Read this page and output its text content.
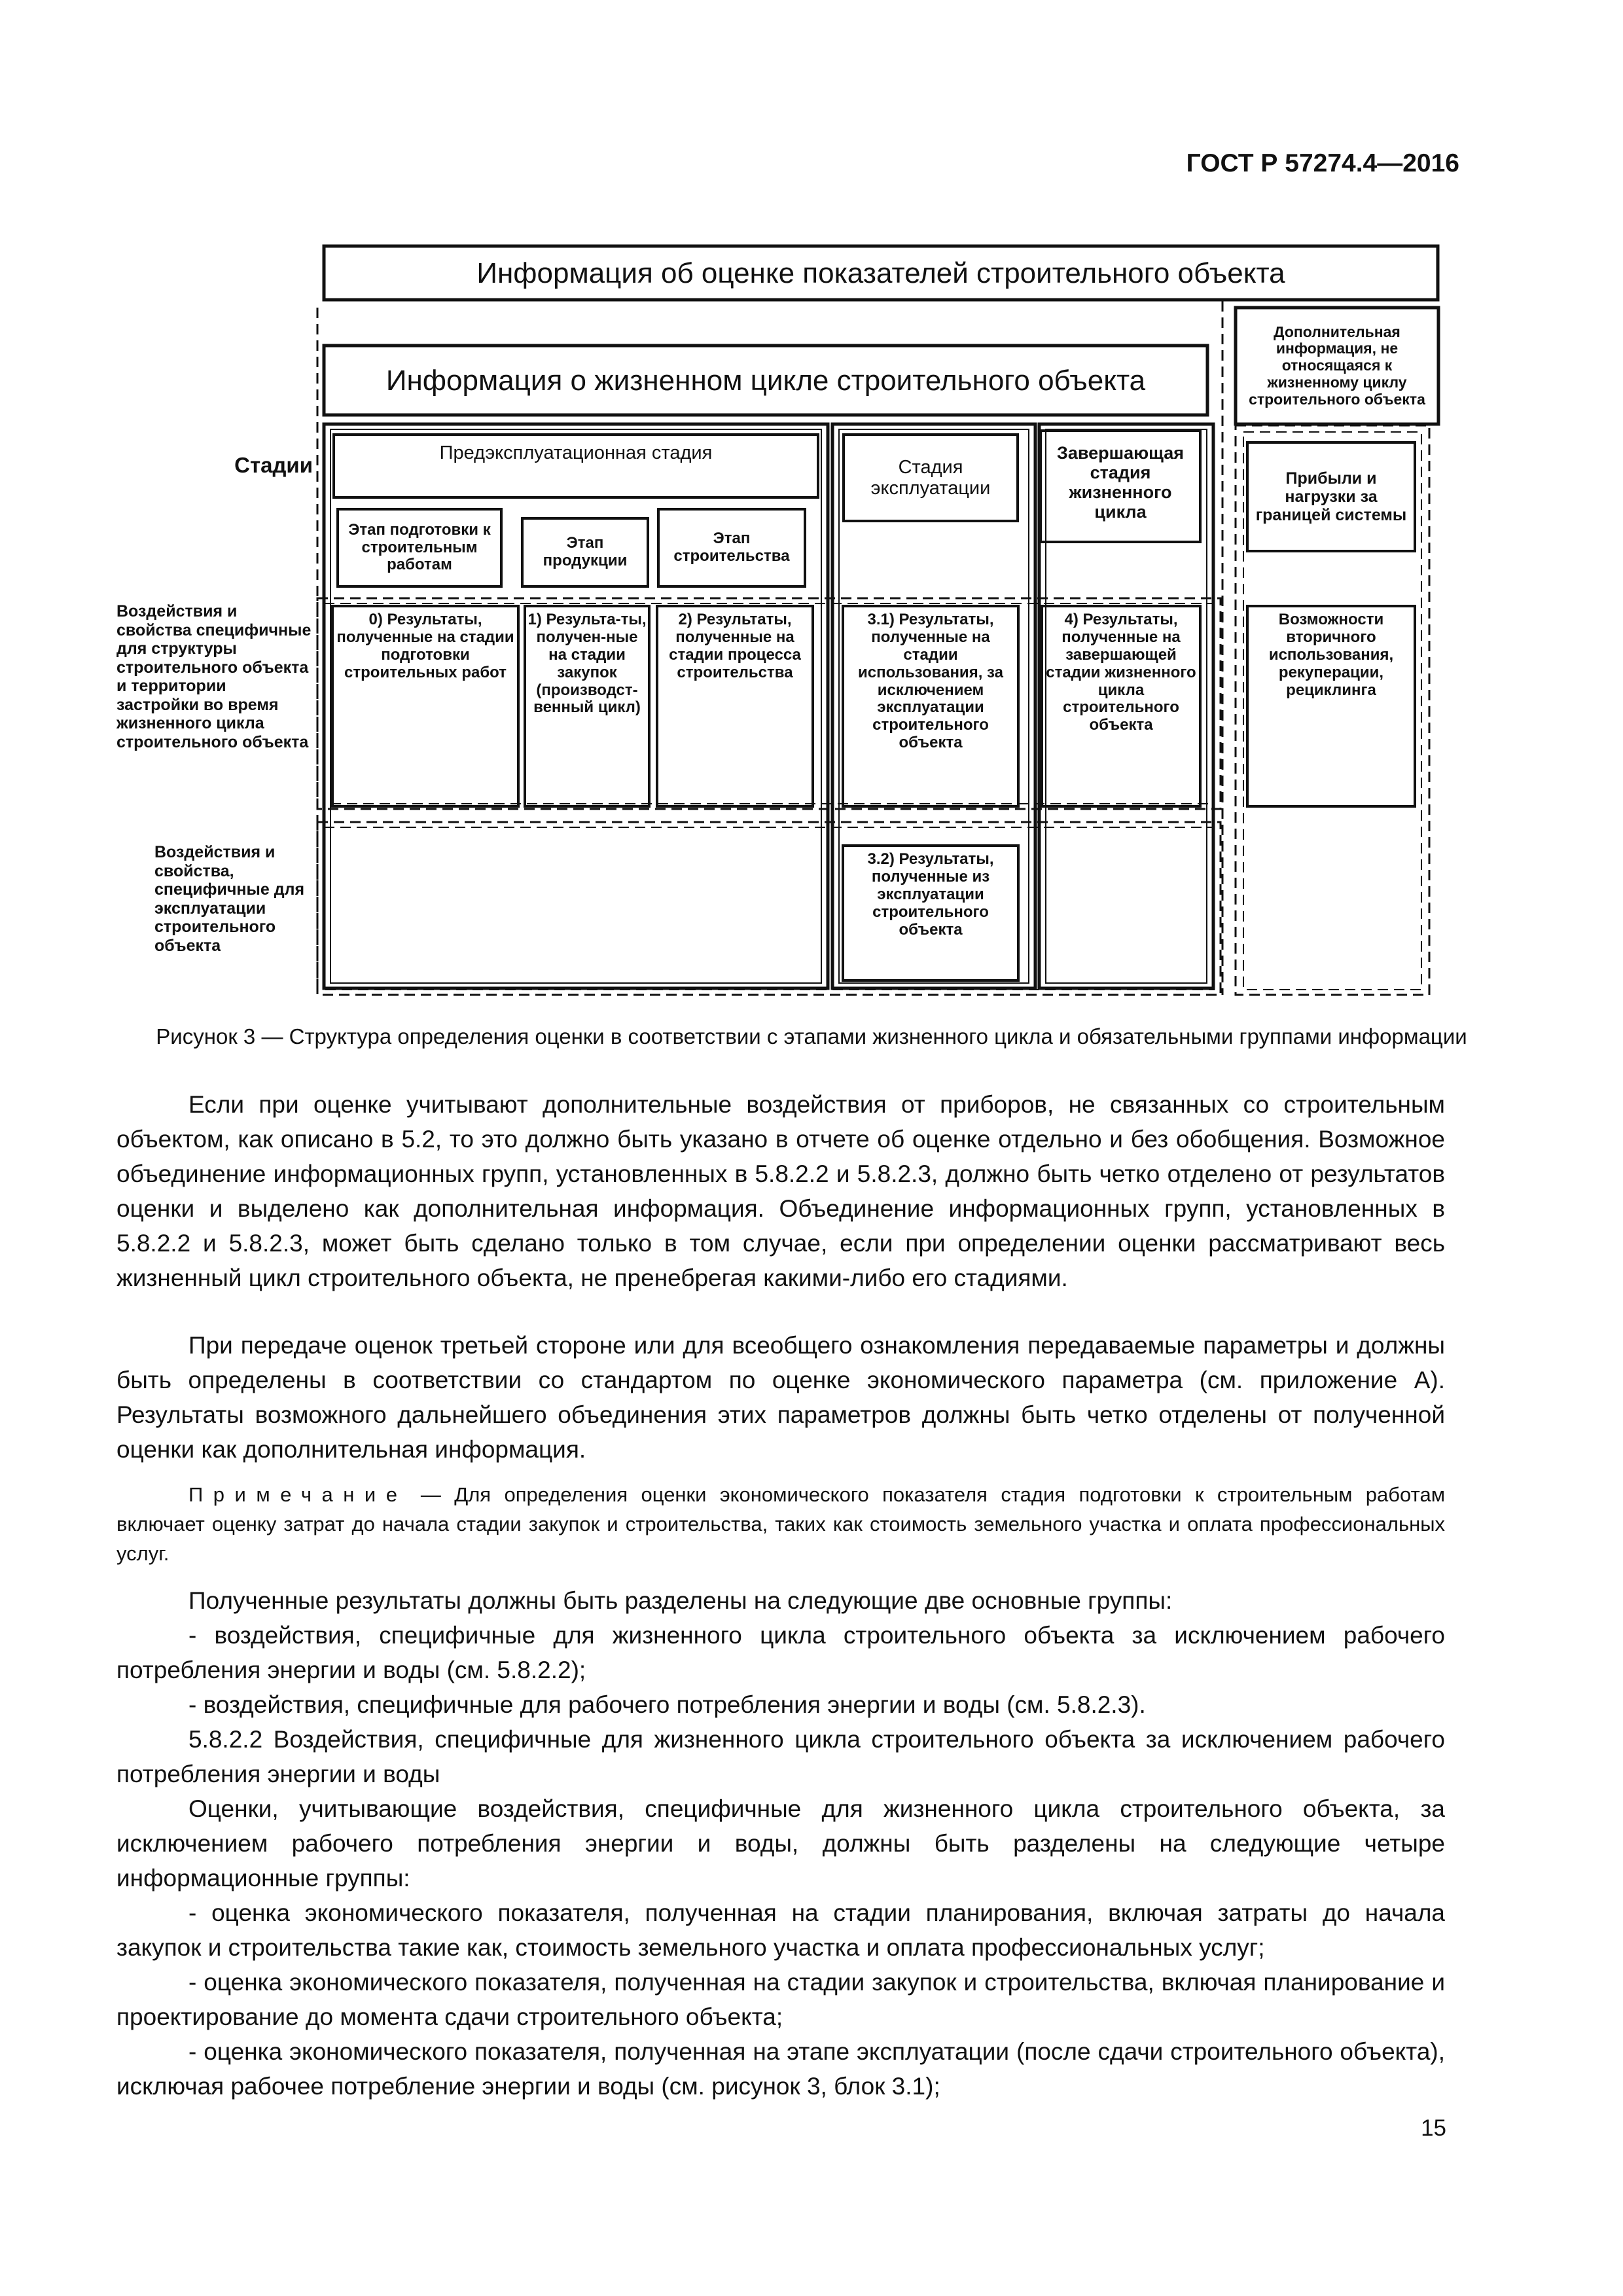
ГОСТ Р 57274.4—2016
Информация об оценке показателей строительного объекта
Информация о жизненном цикле строительного объекта
Дополнительная информация, не относящаяся к жизненному циклу строительного объекта
Стадии	Предэксплуатационная стадия
Стадия эксплуатации
Завершающая стадия жизненного цикла
Прибыли и нагрузки за границей системы
Этап подготовки к строительным работам
Этап продукции
Этап строительства
Воздействия и свойства специфичные для структуры строительного объекта и территории застройки во время жизненного цикла строительного объекта
Воздействия и свойства, специфичные для эксплуатации строительного объекта
0) Результаты, полученные на стадии подготовки строительных работ
1) Результа-ты, получен-ные на стадии закупок (производст-венный цикл)
2) Результаты, полученные на стадии процесса строительства
3.1) Результаты, полученные на стадии использования, за исключением эксплуатации строительного объекта
4) Результаты, полученные на завершающей стадии жизненного цикла строительного объекта
Возможности вторичного использования, рекуперации, рециклинга
3.2) Результаты, полученные из эксплуатации строительного объекта
Рисунок 3 — Структура определения оценки в соответствии с этапами жизненного цикла и обязательными группами информации

Если при оценке учитывают дополнительные воздействия от приборов, не связанных со строительным объектом, как описано в 5.2, то это должно быть указано в отчете об оценке отдельно и без обобщения. Возможное объединение информационных групп, установленных в 5.8.2.2 и 5.8.2.3, должно быть четко отделено от результатов оценки и выделено как дополнительная информация. Объединение информационных групп, установленных в 5.8.2.2 и 5.8.2.3, может быть сделано только в том случае, если при определении оценки рассматривают весь жизненный цикл строительного объекта, не пренебрегая какими-либо его стадиями.

При передаче оценок третьей стороне или для всеобщего ознакомления передаваемые параметры и должны быть определены в соответствии со стандартом по оценке экономического параметра (см. приложение А). Результаты возможного дальнейшего объединения этих параметров должны быть четко отделены от полученной оценки как дополнительная информация.

Примечание — Для определения оценки экономического показателя стадия подготовки к строительным работам включает оценку затрат до начала стадии закупок и строительства, таких как стоимость земельного участка и оплата профессиональных услуг.

Полученные результаты должны быть разделены на следующие две основные группы:

- воздействия, специфичные для жизненного цикла строительного объекта за исключением рабочего потребления энергии и воды (см. 5.8.2.2);

- воздействия, специфичные для рабочего потребления энергии и воды (см. 5.8.2.3).

5.8.2.2 Воздействия, специфичные для жизненного цикла строительного объекта за исключением рабочего потребления энергии и воды

Оценки, учитывающие воздействия, специфичные для жизненного цикла строительного объекта, за исключением рабочего потребления энергии и воды, должны быть разделены на следующие четыре информационные группы:

- оценка экономического показателя, полученная на стадии планирования, включая затраты до начала закупок и строительства такие как, стоимость земельного участка и оплата профессиональных услуг;

- оценка экономического показателя, полученная на стадии закупок и строительства, включая планирование и проектирование до момента сдачи строительного объекта;

- оценка экономического показателя, полученная на этапе эксплуатации (после сдачи строительного объекта), исключая рабочее потребление энергии и воды (см. рисунок 3, блок 3.1);

15
